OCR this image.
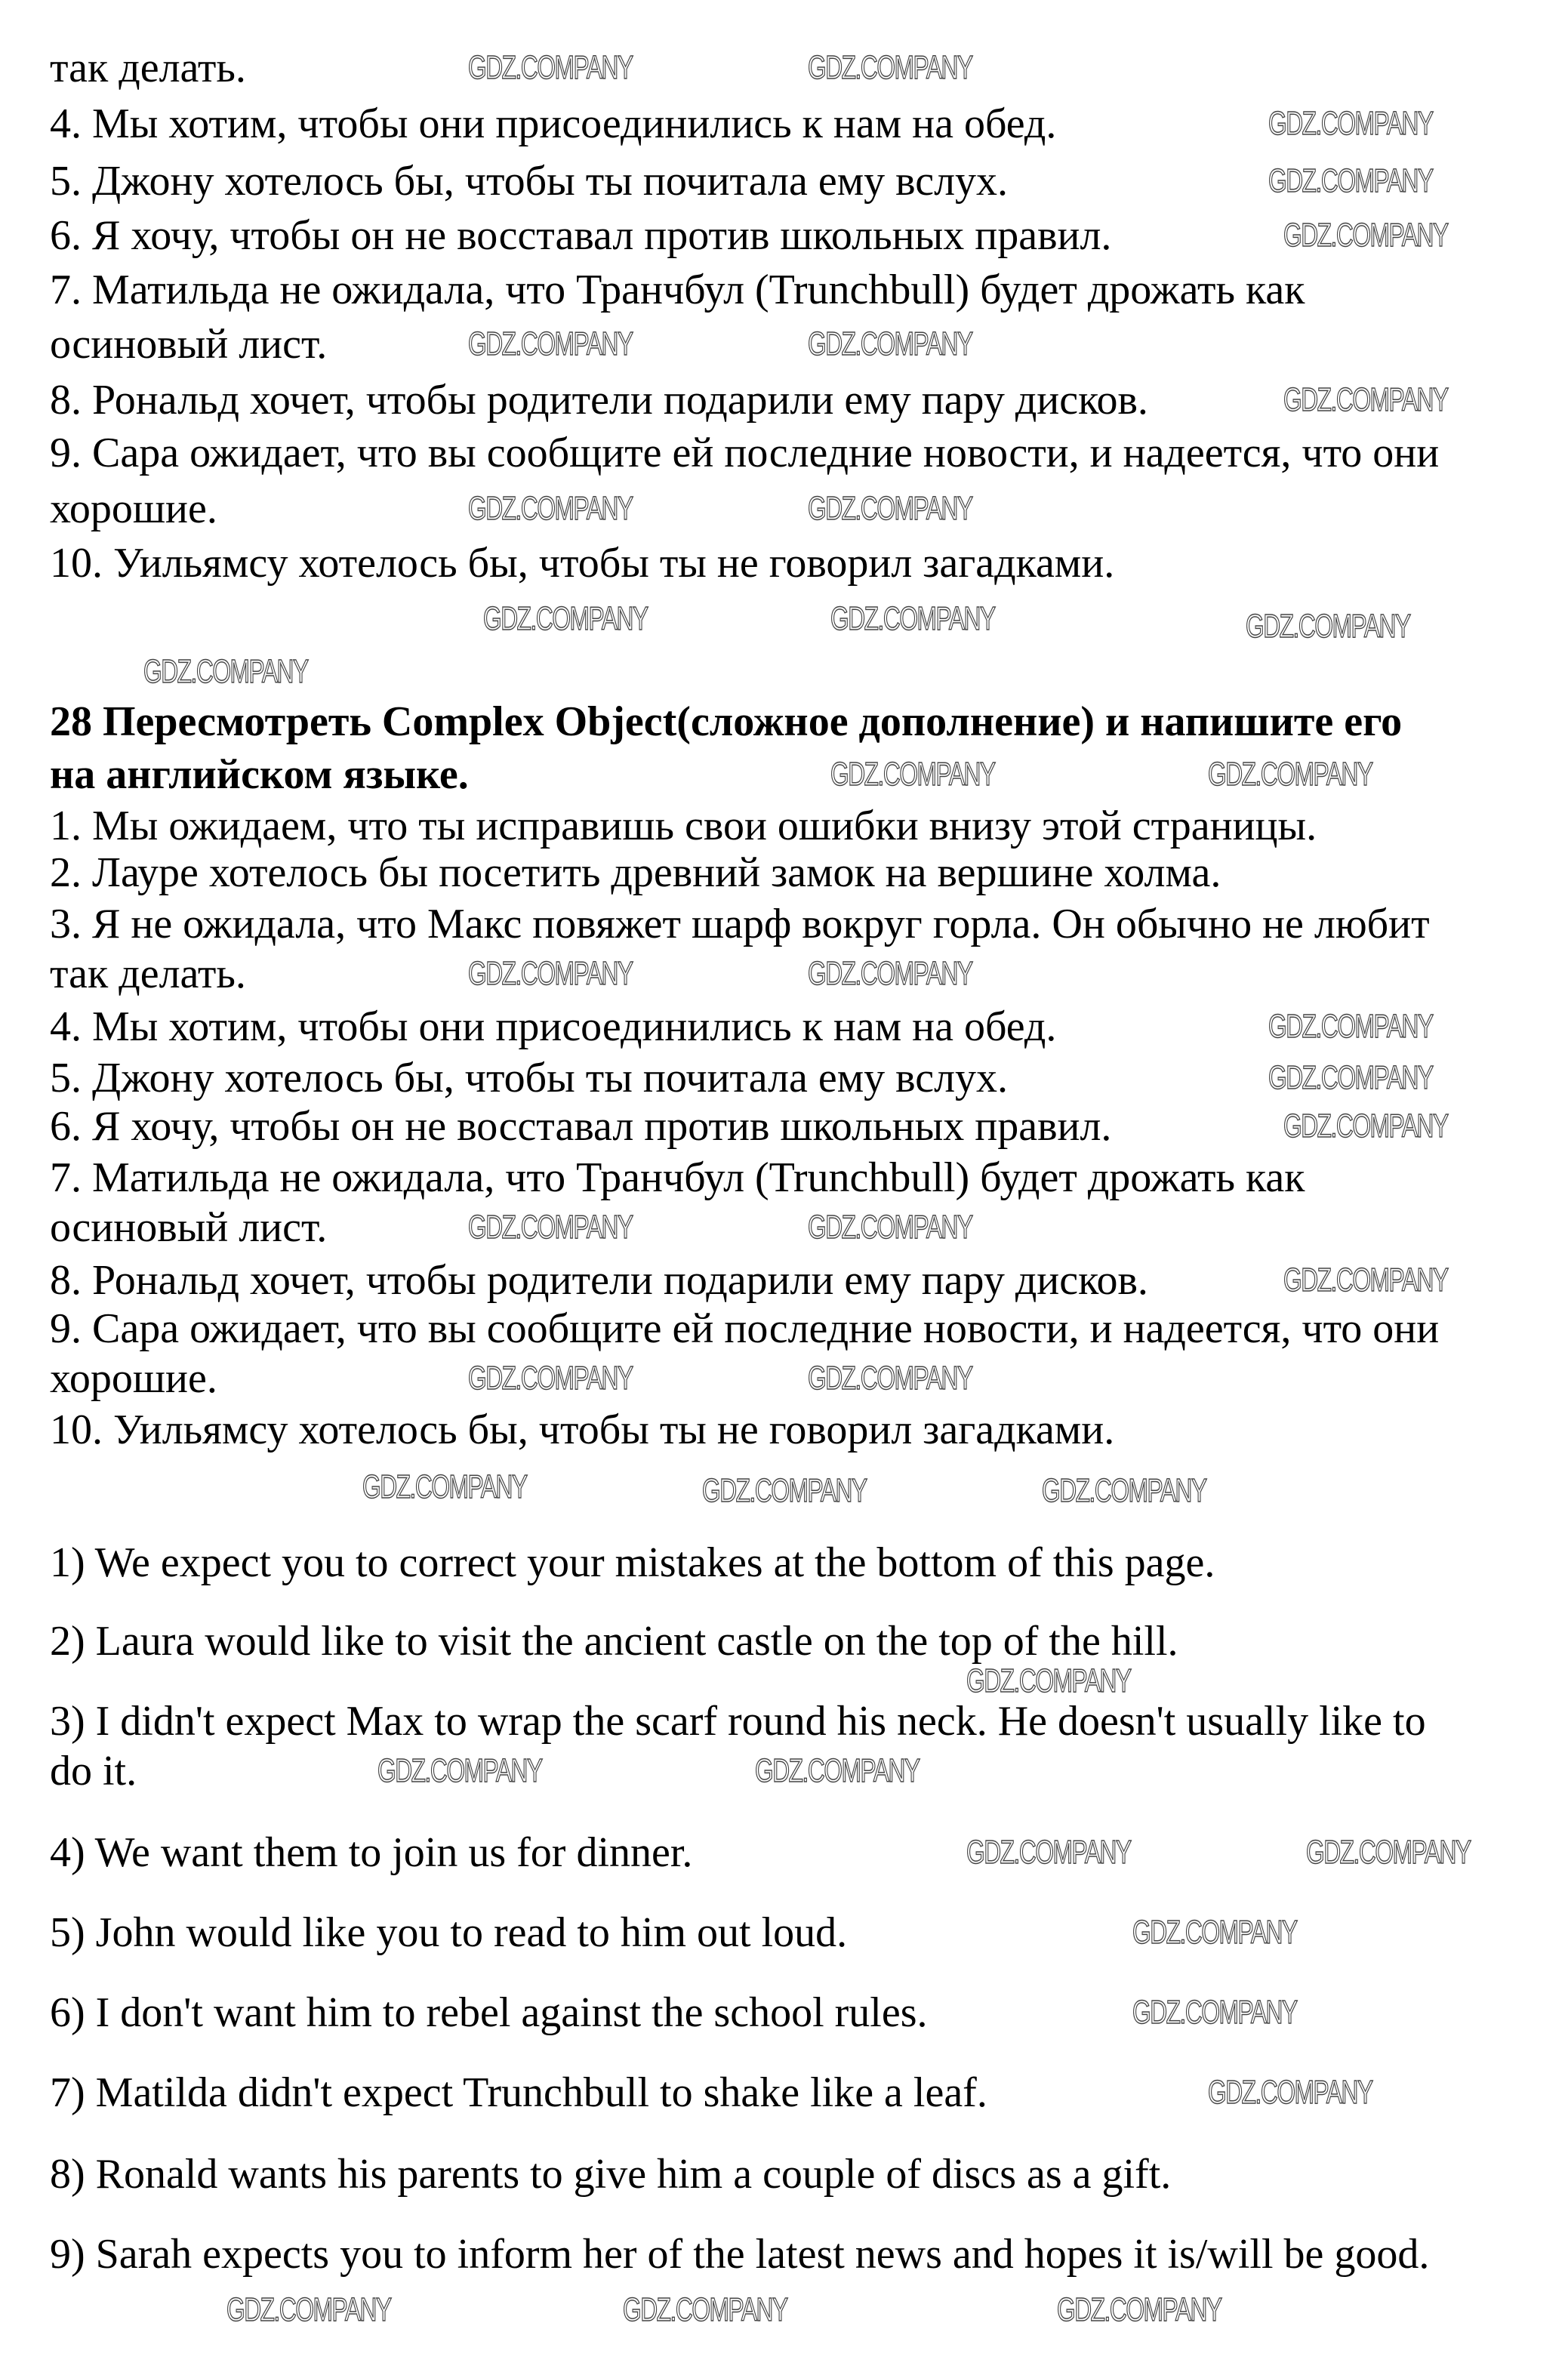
так делать.
4. Мы хотим, чтобы они присоединились к нам на обед.
5. Джону хотелось бы, чтобы ты почитала ему вслух.
6. Я хочу, чтобы он не восставал против школьных правил.
7. Матильда не ожидала, что Транчбул (Trunchbull) будет дрожать как
осиновый лист.
8. Рональд хочет, чтобы родители подарили ему пару дисков.
9. Сара ожидает, что вы сообщите ей последние новости, и надеется, что они
хорошие.
10. Уильямсу хотелось бы, чтобы ты не говорил загадками.
28 Пересмотреть Complex Object(сложное дополнение) и напишите его
на английском языке.
1. Мы ожидаем, что ты исправишь свои ошибки внизу этой страницы.
2. Лауре хотелось бы посетить древний замок на вершине холма.
3. Я не ожидала, что Макс повяжет шарф вокруг горла. Он обычно не любит
так делать.
4. Мы хотим, чтобы они присоединились к нам на обед.
5. Джону хотелось бы, чтобы ты почитала ему вслух.
6. Я хочу, чтобы он не восставал против школьных правил.
7. Матильда не ожидала, что Транчбул (Trunchbull) будет дрожать как
осиновый лист.
8. Рональд хочет, чтобы родители подарили ему пару дисков.
9. Сара ожидает, что вы сообщите ей последние новости, и надеется, что они
хорошие.
10. Уильямсу хотелось бы, чтобы ты не говорил загадками.
1) We expect you to correct your mistakes at the bottom of this page.
2) Laura would like to visit the ancient castle on the top of the hill.
3) I didn't expect Max to wrap the scarf round his neck. He doesn't usually like to
do it.
4) We want them to join us for dinner.
5) John would like you to read to him out loud.
6) I don't want him to rebel against the school rules.
7) Matilda didn't expect Trunchbull to shake like a leaf.
8) Ronald wants his parents to give him a couple of discs as a gift.
9) Sarah expects you to inform her of the latest news and hopes it is/will be good.
GDZ.COMPANY	GDZ.COMPANY
GDZ.COMPANY
GDZ.COMPANY
GDZ.COMPANY
GDZ.COMPANY	GDZ.COMPANY
GDZ.COMPANY
GDZ.COMPANY	GDZ.COMPANY
GDZ.COMPANY	GDZ.COMPANY	GDZ.COMPANY
GDZ.COMPANY
GDZ.COMPANY	GDZ.COMPANY
GDZ.COMPANY	GDZ.COMPANY
GDZ.COMPANY
GDZ.COMPANY
GDZ.COMPANY
GDZ.COMPANY	GDZ.COMPANY
GDZ.COMPANY
GDZ.COMPANY	GDZ.COMPANY
GDZ.COMPANY	GDZ.COMPANY	GDZ.COMPANY
GDZ.COMPANY
GDZ.COMPANY	GDZ.COMPANY
GDZ.COMPANY	GDZ.COMPANY
GDZ.COMPANY
GDZ.COMPANY
GDZ.COMPANY
GDZ.COMPANY	GDZ.COMPANY	GDZ.COMPANY
